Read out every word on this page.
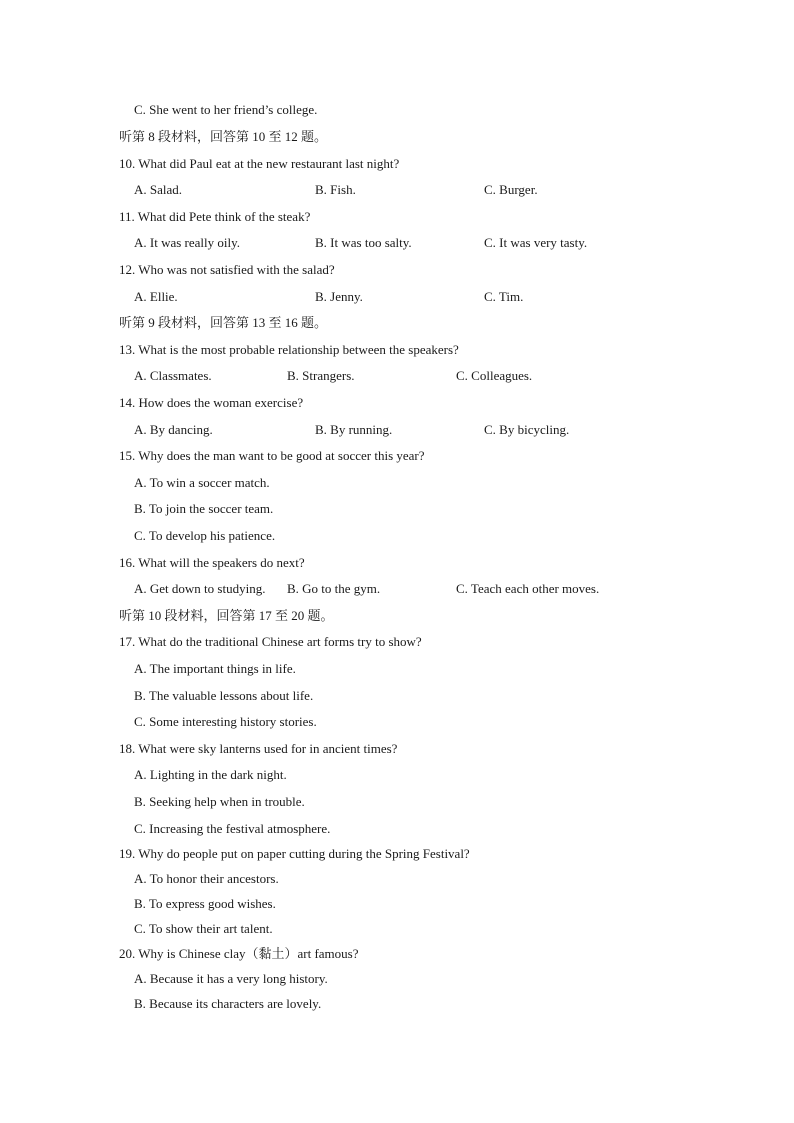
C. She went to her friend’s college.
听第 8 段材料，回答第 10 至 12 题。
10. What did Paul eat at the new restaurant last night?
A. Salad.	B. Fish.	C. Burger.
11. What did Pete think of the steak?
A. It was really oily.	B. It was too salty.	C. It was very tasty.
12. Who was not satisfied with the salad?
A. Ellie.	B. Jenny.	C. Tim.
听第 9 段材料，回答第 13 至 16 题。
13. What is the most probable relationship between the speakers?
A. Classmates.	B. Strangers.	C. Colleagues.
14. How does the woman exercise?
A. By dancing.	B. By running.	C. By bicycling.
15. Why does the man want to be good at soccer this year?
A. To win a soccer match.
B. To join the soccer team.
C. To develop his patience.
16. What will the speakers do next?
A. Get down to studying. B. Go to the gym.	C. Teach each other moves.
听第 10 段材料，回答第 17 至 20 题。
17. What do the traditional Chinese art forms try to show?
A. The important things in life.
B. The valuable lessons about life.
C. Some interesting history stories.
18. What were sky lanterns used for in ancient times?
A. Lighting in the dark night.
B. Seeking help when in trouble.
C. Increasing the festival atmosphere.
19. Why do people put on paper cutting during the Spring Festival?
A. To honor their ancestors.
B. To express good wishes.
C. To show their art talent.
20. Why is Chinese clay（黏土）art famous?
A. Because it has a very long history.
B. Because its characters are lovely.
